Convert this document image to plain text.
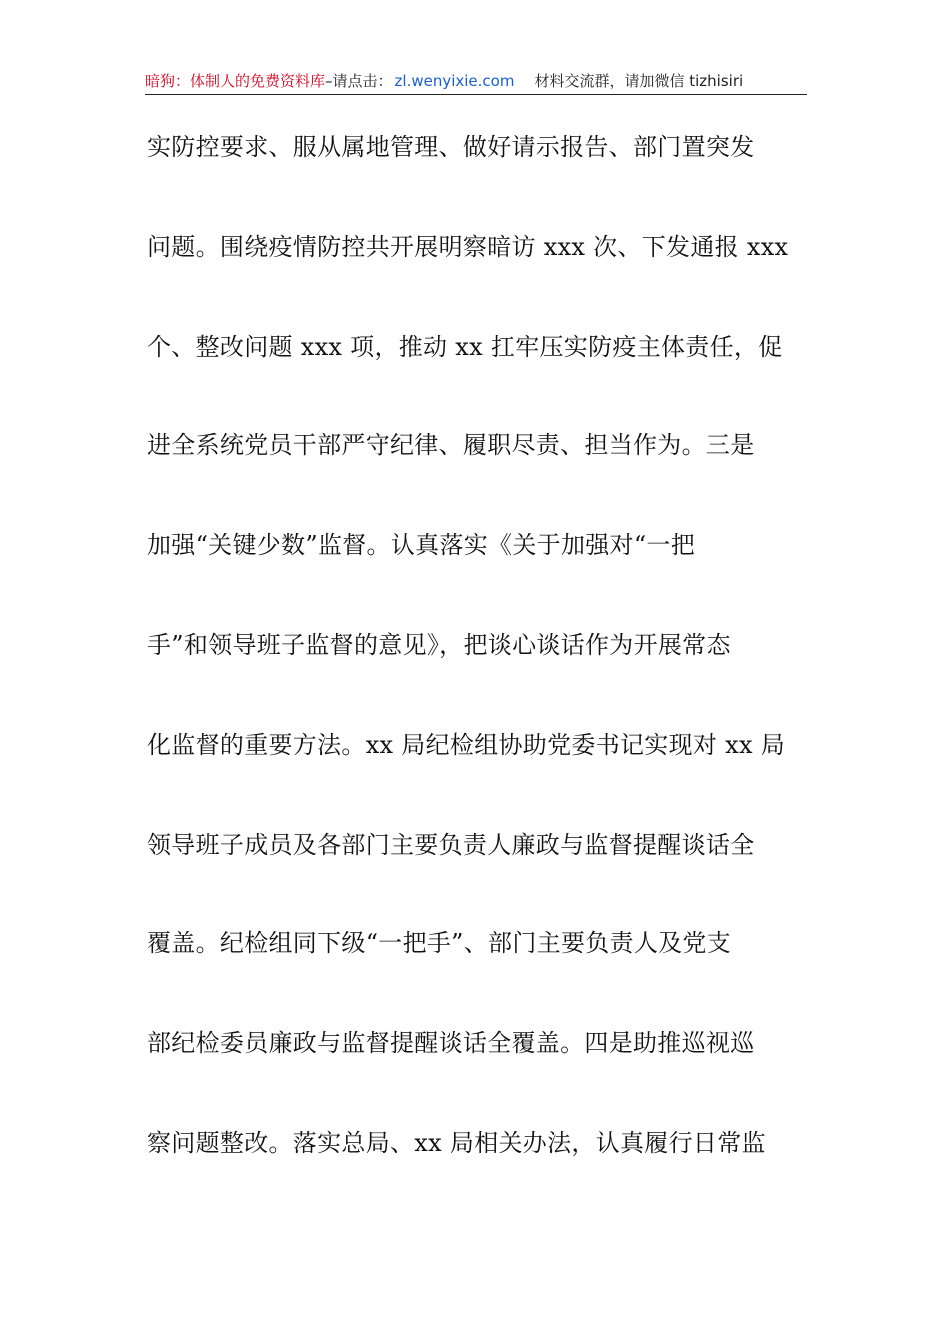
暗狗：体制人的免费资料库 –请点击： zl.wenyixie.com 材料交流群，请加微信 tizhisiri
实防控要求、服从属地管理、做好请示报告、部门置突发
问题。围绕疫情防控共开展明察暗访 xxx 次、下发通报 xxx
个、整改问题 xxx 项，推动 xx 扛牢压实防疫主体责任，促
进全系统党员干部严守纪律、履职尽责、担当作为。三是
加强“关键少数”监督。认真落实《关于加强对“一把
手”和领导班子监督的意见》，把谈心谈话作为开展常态
化监督的重要方法。xx 局纪检组协助党委书记实现对 xx 局
领导班子成员及各部门主要负责人廉政与监督提醒谈话全
覆盖。纪检组同下级“一把手”、部门主要负责人及党支
部纪检委员廉政与监督提醒谈话全覆盖。四是助推巡视巡
察问题整改。落实总局、xx 局相关办法，认真履行日常监
